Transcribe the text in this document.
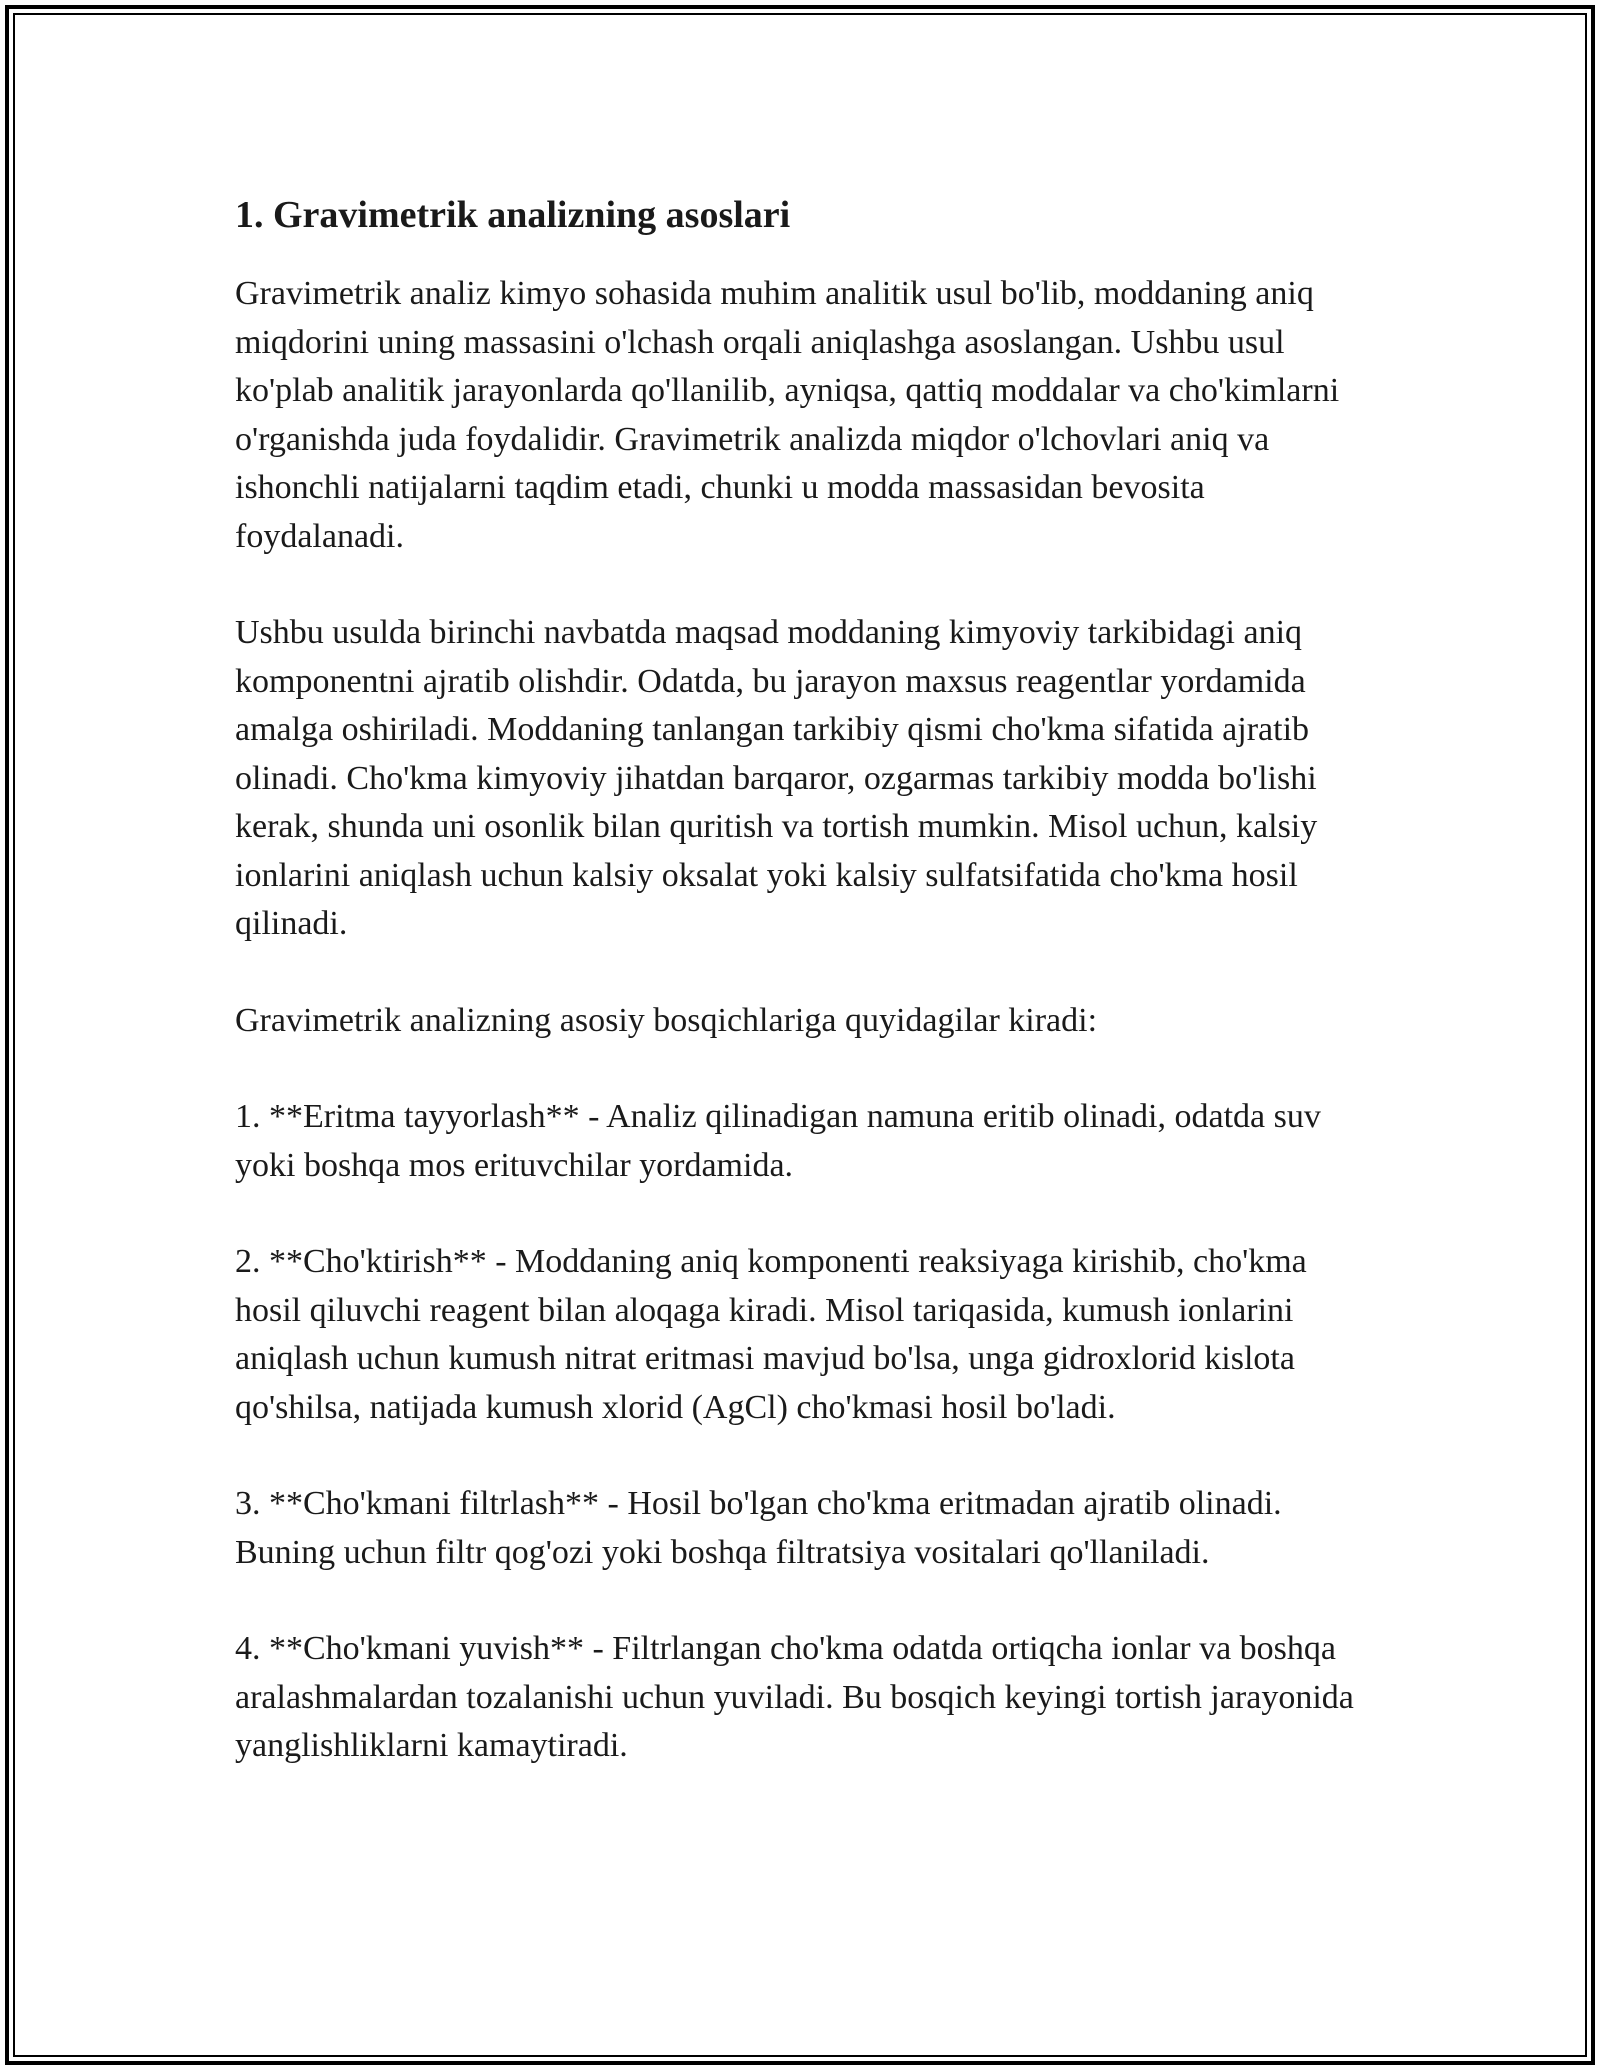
1. Gravimetrik analizning asoslari

Gravimetrik analiz kimyo sohasida muhim analitik usul bo'lib, moddaning aniq miqdorini uning massasini o'lchash orqali aniqlashga asoslangan. Ushbu usul ko'plab analitik jarayonlarda qo'llanilib, ayniqsa, qattiq moddalar va cho'kimlarni o'rganishda juda foydalidir. Gravimetrik analizda miqdor o'lchovlari aniq va ishonchli natijalarni taqdim etadi, chunki u modda massasidan bevosita foydalanadi.

Ushbu usulda birinchi navbatda maqsad moddaning kimyoviy tarkibidagi aniq komponentni ajratib olishdir. Odatda, bu jarayon maxsus reagentlar yordamida amalga oshiriladi. Moddaning tanlangan tarkibiy qismi cho'kma sifatida ajratib olinadi. Cho'kma kimyoviy jihatdan barqaror, ozgarmas tarkibiy modda bo'lishi kerak, shunda uni osonlik bilan quritish va tortish mumkin. Misol uchun, kalsiy ionlarini aniqlash uchun kalsiy oksalat yoki kalsiy sulfatsifatida cho'kma hosil qilinadi.

Gravimetrik analizning asosiy bosqichlariga quyidagilar kiradi:

1. **Eritma tayyorlash** - Analiz qilinadigan namuna eritib olinadi, odatda suv yoki boshqa mos erituvchilar yordamida.

2. **Cho'ktirish** - Moddaning aniq komponenti reaksiyaga kirishib, cho'kma hosil qiluvchi reagent bilan aloqaga kiradi. Misol tariqasida, kumush ionlarini aniqlash uchun kumush nitrat eritmasi mavjud bo'lsa, unga gidroxlorid kislota qo'shilsa, natijada kumush xlorid (AgCl) cho'kmasi hosil bo'ladi.

3. **Cho'kmani filtrlash** - Hosil bo'lgan cho'kma eritmadan ajratib olinadi. Buning uchun filtr qog'ozi yoki boshqa filtratsiya vositalari qo'llaniladi.

4. **Cho'kmani yuvish** - Filtrlangan cho'kma odatda ortiqcha ionlar va boshqa aralashmalardan tozalanishi uchun yuviladi. Bu bosqich keyingi tortish jarayonida yanglishliklarni kamaytiradi.
